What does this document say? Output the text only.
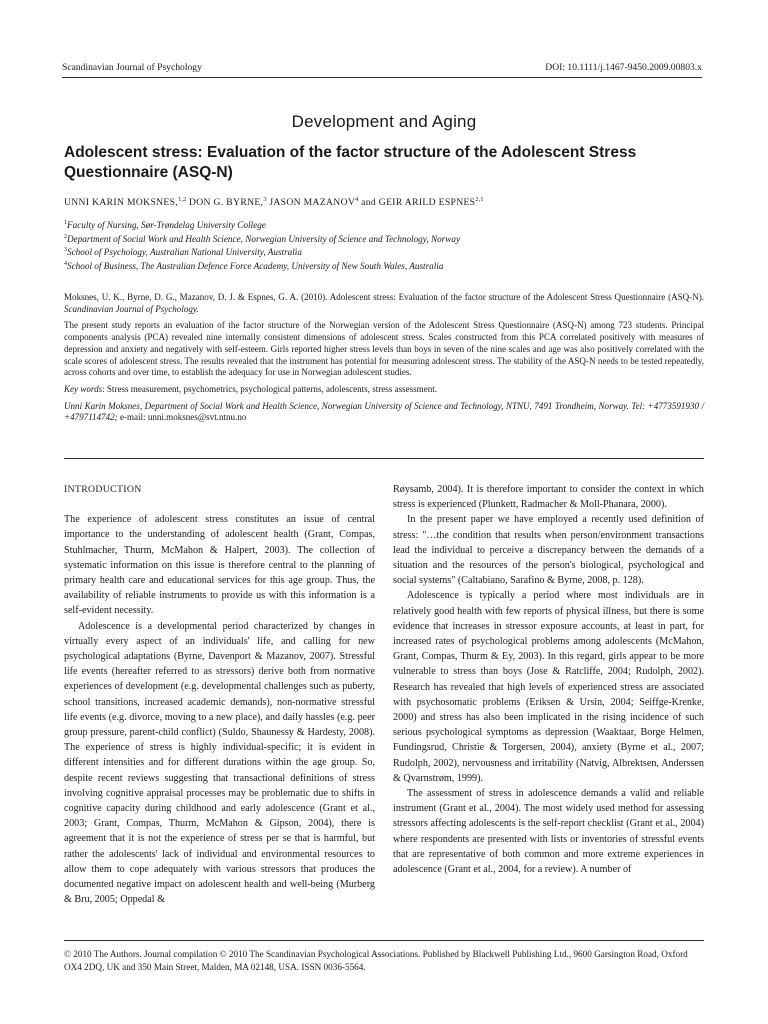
Scandinavian Journal of Psychology	DOI: 10.1111/j.1467-9450.2009.00803.x
Development and Aging
Adolescent stress: Evaluation of the factor structure of the Adolescent Stress Questionnaire (ASQ-N)
UNNI KARIN MOKSNES,$^{1,2}$ DON G. BYRNE,$^3$ JASON MAZANOV$^4$ and GEIR ARILD ESPNES$^{2,1}$
$^1$Faculty of Nursing, Sør-Trøndelag University College
$^2$Department of Social Work and Health Science, Norwegian University of Science and Technology, Norway
$^3$School of Psychology, Australian National University, Australia
$^4$School of Business, The Australian Defence Force Academy, University of New South Wales, Australia

Moksnes, U. K., Byrne, D. G., Mazanov, D. J. & Espnes, G. A. (2010). Adolescent stress: Evaluation of the factor structure of the Adolescent Stress Questionnaire (ASQ-N). Scandinavian Journal of Psychology.

The present study reports an evaluation of the factor structure of the Norwegian version of the Adolescent Stress Questionnaire (ASQ-N) among 723 students. Principal components analysis (PCA) revealed nine internally consistent dimensions of adolescent stress. Scales constructed from this PCA correlated positively with measures of depression and anxiety and negatively with self-esteem. Girls reported higher stress levels than boys in seven of the nine scales and age was also positively correlated with the scale scores of adolescent stress. The results revealed that the instrument has potential for measuring adolescent stress. The stability of the ASQ-N needs to be tested repeatedly, across cohorts and over time, to establish the adequacy for use in Norwegian adolescent studies.

Key words: Stress measurement, psychometrics, psychological patterns, adolescents, stress assessment.

Unni Karin Moksnes, Department of Social Work and Health Science, Norwegian University of Science and Technology, NTNU, 7491 Trondheim, Norway. Tel: +4773591930 / +4797114742; e-mail: unni.moksnes@svt.ntnu.no

INTRODUCTION

The experience of adolescent stress constitutes an issue of central importance to the understanding of adolescent health (Grant, Compas, Stuhlmacher, Thurm, McMahon & Halpert, 2003). The collection of systematic information on this issue is therefore central to the planning of primary health care and educational services for this age group. Thus, the availability of reliable instruments to provide us with this information is a self-evident necessity.

Adolescence is a developmental period characterized by changes in virtually every aspect of an individuals' life, and calling for new psychological adaptations (Byrne, Davenport & Mazanov, 2007). Stressful life events (hereafter referred to as stressors) derive both from normative experiences of development (e.g. developmental challenges such as puberty, school transitions, increased academic demands), non-normative stressful life events (e.g. divorce, moving to a new place), and daily hassles (e.g. peer group pressure, parent-child conflict) (Suldo, Shaunessy & Hardesty, 2008). The experience of stress is highly individual-specific; it is evident in different intensities and for different durations within the age group. So, despite recent reviews suggesting that transactional definitions of stress involving cognitive appraisal processes may be problematic due to shifts in cognitive capacity during childhood and early adolescence (Grant et al., 2003; Grant, Compas, Thurm, McMahon & Gipson, 2004), there is agreement that it is not the experience of stress per se that is harmful, but rather the adolescents' lack of individual and environmental resources to allow them to cope adequately with various stressors that produces the documented negative impact on adolescent health and well-being (Murberg & Bru, 2005; Oppedal &

Røysamb, 2004). It is therefore important to consider the context in which stress is experienced (Plunkett, Radmacher & Moll-Phanara, 2000).

In the present paper we have employed a recently used definition of stress: "…the condition that results when person/environment transactions lead the individual to perceive a discrepancy between the demands of a situation and the resources of the person's biological, psychological and social systems" (Caltabiano, Sarafino & Byrne, 2008, p. 128).

Adolescence is typically a period where most individuals are in relatively good health with few reports of physical illness, but there is some evidence that increases in stressor exposure accounts, at least in part, for increased rates of psychological problems among adolescents (McMahon, Grant, Compas, Thurm & Ey, 2003). In this regard, girls appear to be more vulnerable to stress than boys (Jose & Ratcliffe, 2004; Rudolph, 2002). Research has revealed that high levels of experienced stress are associated with psychosomatic problems (Eriksen & Ursin, 2004; Seiffge-Krenke, 2000) and stress has also been implicated in the rising incidence of such serious psychological symptoms as depression (Waaktaar, Borge Helmen, Fundingsrud, Christie & Torgersen, 2004), anxiety (Byrne et al., 2007; Rudolph, 2002), nervousness and irritability (Natvig, Albrektsen, Anderssen & Qvarnstrøm, 1999).

The assessment of stress in adolescence demands a valid and reliable instrument (Grant et al., 2004). The most widely used method for assessing stressors affecting adolescents is the self-report checklist (Grant et al., 2004) where respondents are presented with lists or inventories of stressful events that are representative of both common and more extreme experiences in adolescence (Grant et al., 2004, for a review). A number of

© 2010 The Authors. Journal compilation © 2010 The Scandinavian Psychological Associations. Published by Blackwell Publishing Ltd., 9600 Garsington Road, Oxford OX4 2DQ, UK and 350 Main Street, Malden, MA 02148, USA. ISSN 0036-5564.
